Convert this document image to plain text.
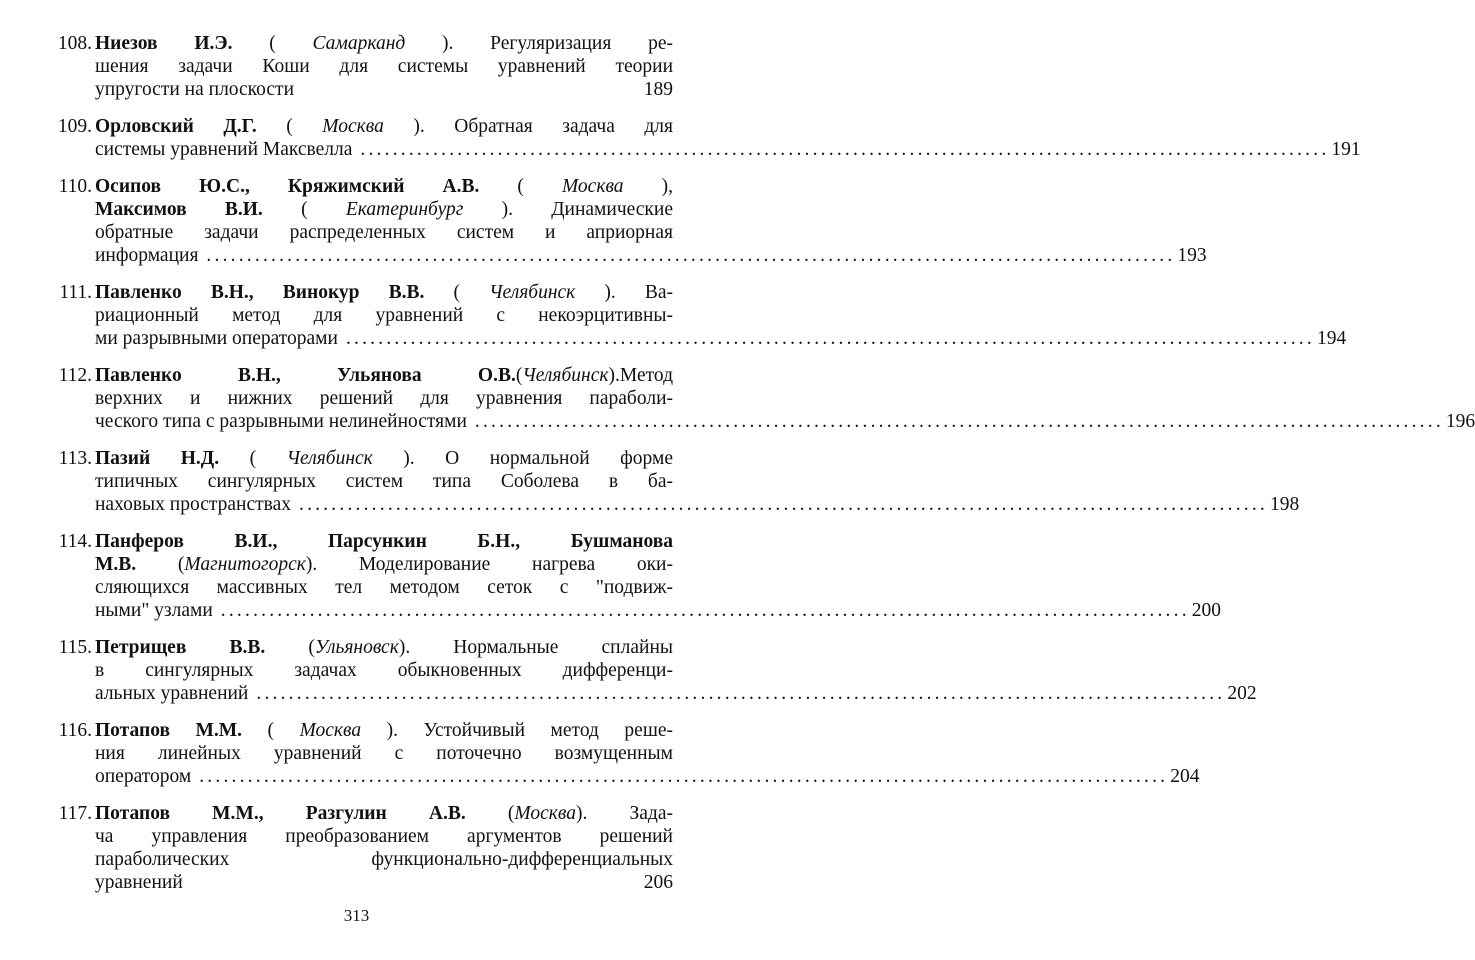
108. Ниезов И.Э. ( Самарканд ). Регуляризация ре-
шения задачи Коши для системы уравнений теории
упругости на плоскости	189
109. Орловский Д.Г. ( Москва ). Обратная задача для
системы уравнений Максвелла ........................................................................................................................ 191
110. Осипов Ю.С., Кряжимский А.В. ( Москва ),
Максимов В.И. ( Екатеринбург ). Динамические
обратные задачи распределенных систем и априорная
информация ........................................................................................................................ 193
111. Павленко В.Н., Винокур В.В. ( Челябинск ). Ва-
риационный метод для уравнений с некоэрцитивны-
ми разрывными операторами ........................................................................................................................ 194
112. Павленко В.Н., Ульянова О.В.(Челябинск).Метод
верхних и нижних решений для уравнения параболи-
ческого типа с разрывными нелинейностями ........................................................................................................................ 196
113. Пазий Н.Д. ( Челябинск ). О нормальной форме
типичных сингулярных систем типа Соболева в ба-
наховых пространствах ........................................................................................................................ 198
114. Панферов В.И., Парсункин Б.Н., Бушманова
М.В. (Магнитогорск). Моделирование нагрева оки-
сляющихся массивных тел методом сеток с "подвиж-
ными" узлами ........................................................................................................................ 200
115. Петрищев В.В. (Ульяновск). Нормальные сплайны
в сингулярных задачах обыкновенных дифференци-
альных уравнений ........................................................................................................................ 202
116. Потапов М.М. ( Москва ). Устойчивый метод реше-
ния линейных уравнений с поточечно возмущенным
оператором ........................................................................................................................ 204
117. Потапов М.М., Разгулин А.В. (Москва). Зада-
ча управления преобразованием аргументов решений
параболических функционально-дифференциальных
уравнений	206
313
